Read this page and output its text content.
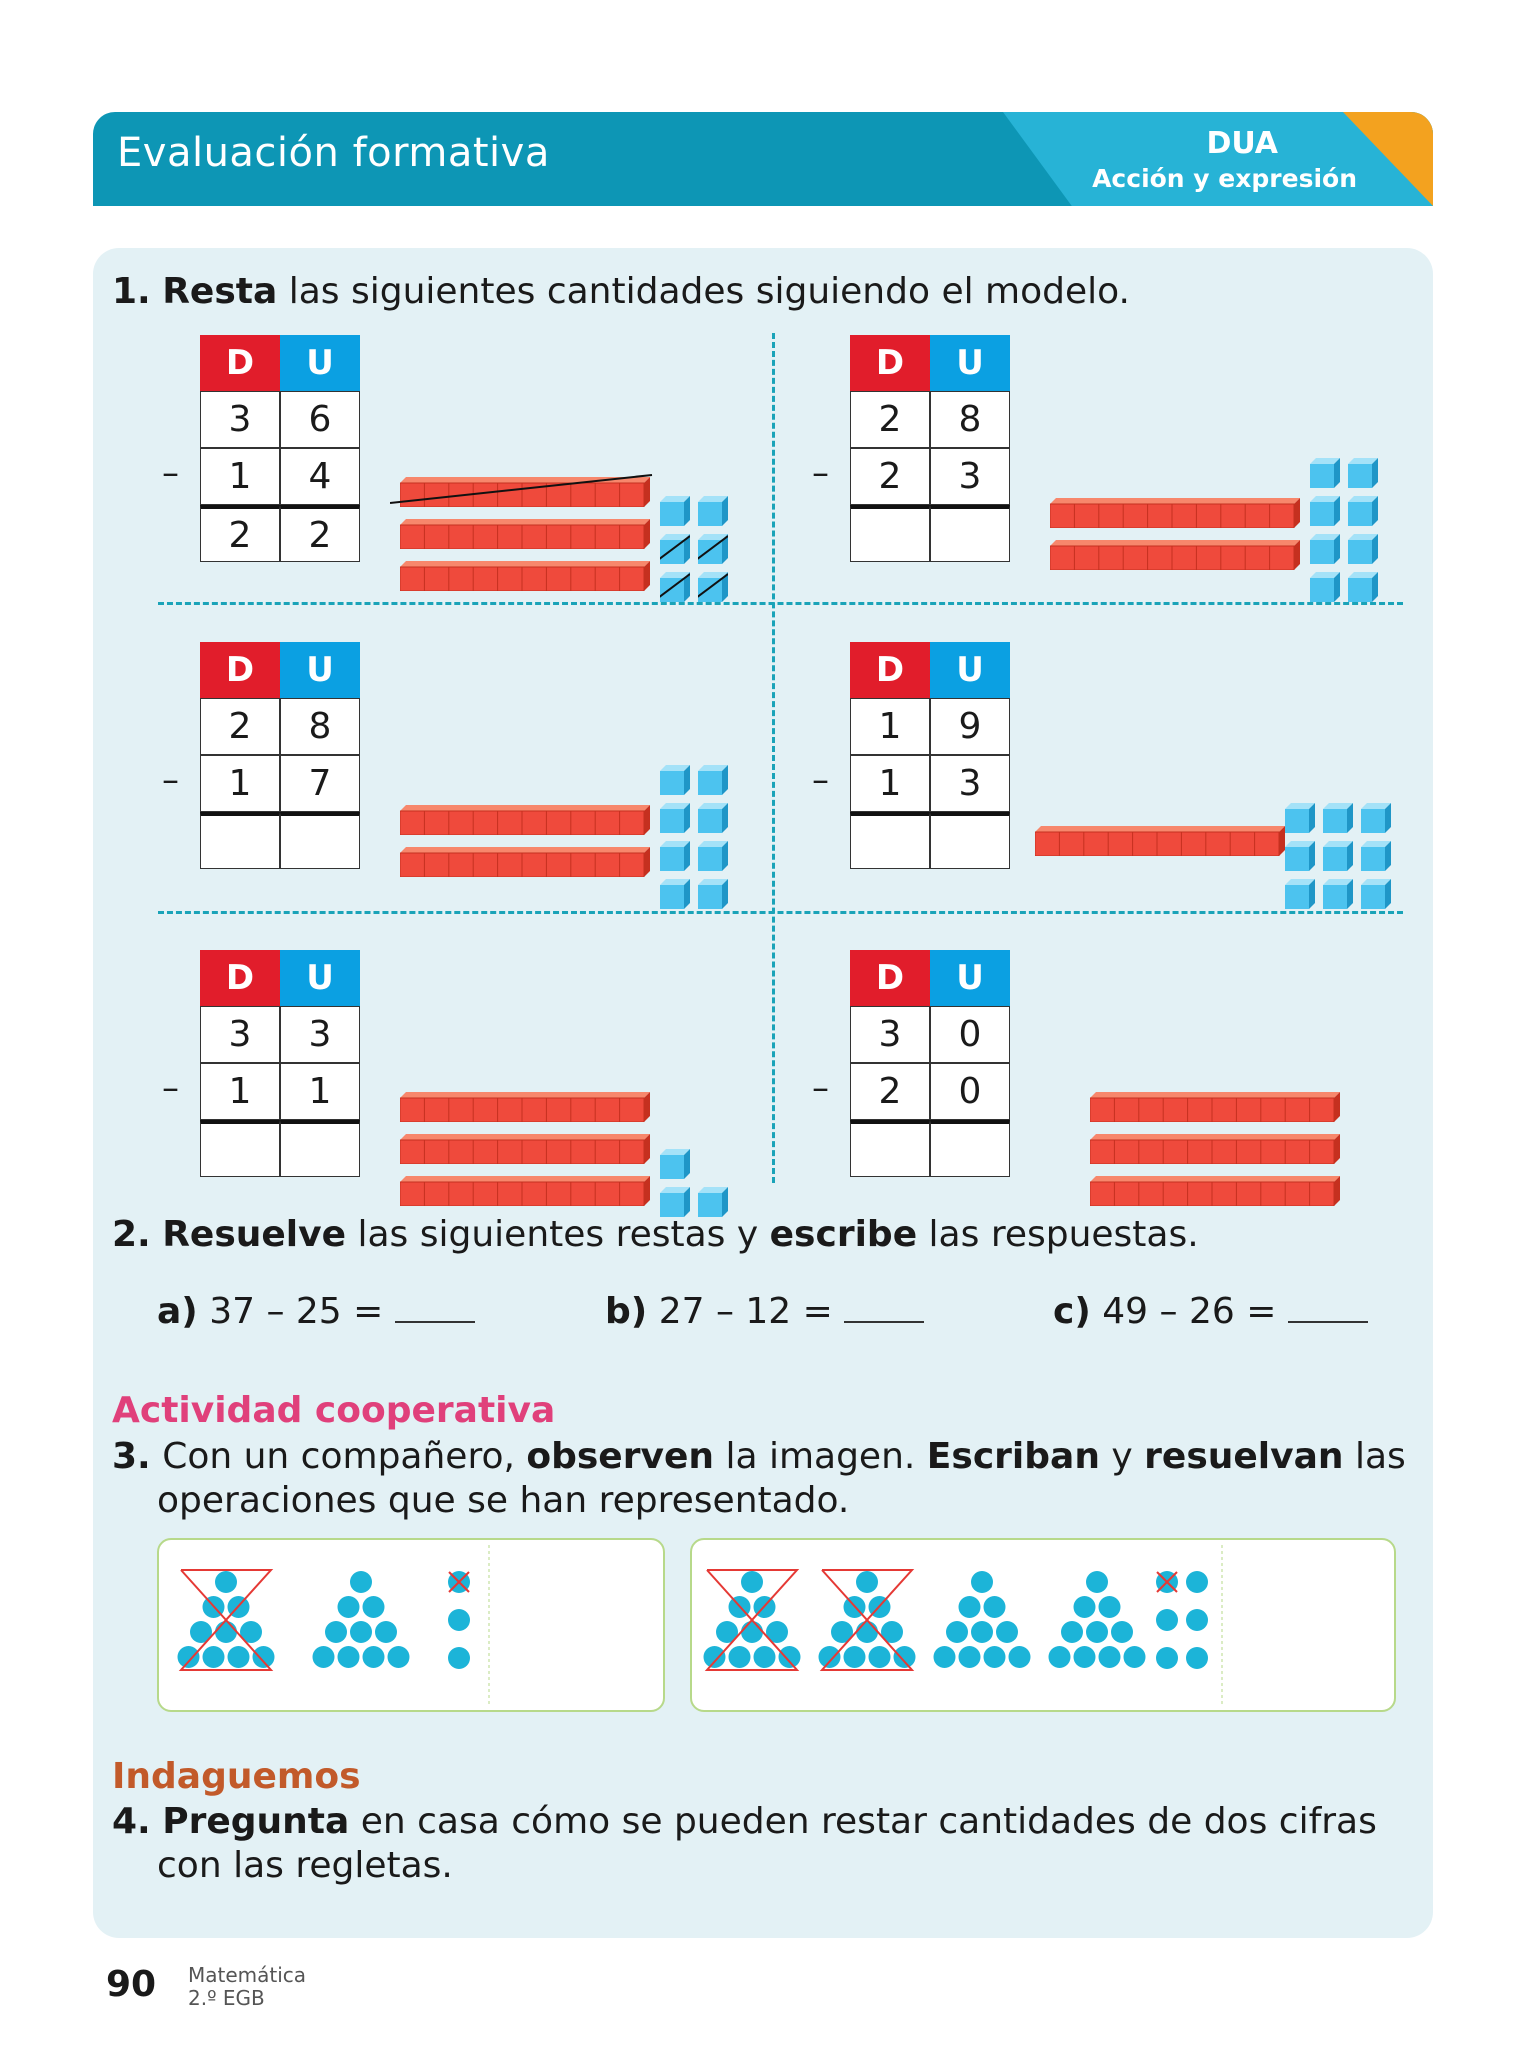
Evaluación formativa	DUA
Acción y expresión
1. Resta las siguientes cantidades siguiendo el modelo.
D	U
3	6
1	4
2	2
–
D	U
2	8
2	3
–
D	U
2	8
1	7
–
D	U
1	9
1	3
–
D	U
3	3
1	1
–
D	U
3	0
2	0
–
2. Resuelve las siguientes restas y escribe las respuestas.
a) 37 – 25 =	b) 27 – 12 =	c) 49 – 26 =
Actividad cooperativa
3. Con un compañero, observen la imagen. Escriban y resuelvan las
operaciones que se han representado.
Indaguemos
4. Pregunta en casa cómo se pueden restar cantidades de dos cifras
con las regletas.
90 Matemática
2.º EGB
